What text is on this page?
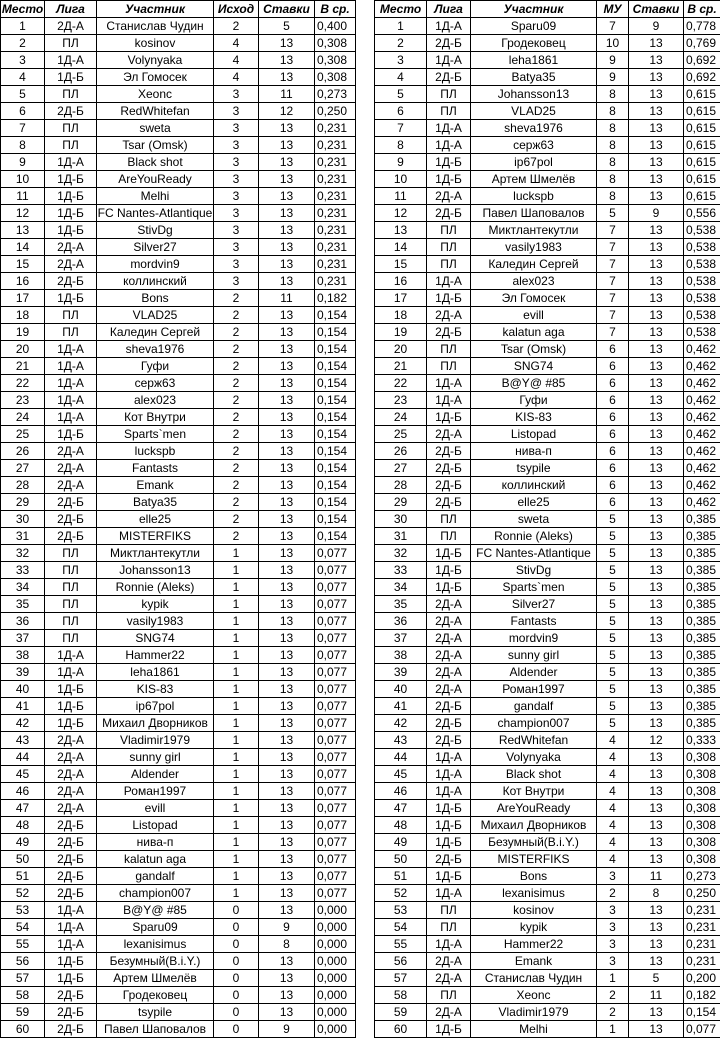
Место	Лига	Участник	Исход	Ставки	В ср.
1	2Д-А	Станислав Чудин	2	5	0,400
2	ПЛ	kosinov	4	13	0,308
3	1Д-А	Volynyaka	4	13	0,308
4	1Д-Б	Эл Гомосек	4	13	0,308
5	ПЛ	Xeonc	3	11	0,273
6	2Д-Б	RedWhitefan	3	12	0,250
7	ПЛ	sweta	3	13	0,231
8	ПЛ	Tsar (Omsk)	3	13	0,231
9	1Д-А	Black shot	3	13	0,231
10	1Д-Б	AreYouReady	3	13	0,231
11	1Д-Б	Melhi	3	13	0,231
12	1Д-Б	FC Nantes-Atlantique	3	13	0,231
13	1Д-Б	StivDg	3	13	0,231
14	2Д-А	Silver27	3	13	0,231
15	2Д-А	mordvin9	3	13	0,231
16	2Д-Б	коллинский	3	13	0,231
17	1Д-Б	Bons	2	11	0,182
18	ПЛ	VLAD25	2	13	0,154
19	ПЛ	Каледин Сергей	2	13	0,154
20	1Д-А	sheva1976	2	13	0,154
21	1Д-А	Гуфи	2	13	0,154
22	1Д-А	серж63	2	13	0,154
23	1Д-А	alex023	2	13	0,154
24	1Д-А	Кот Внутри	2	13	0,154
25	1Д-Б	Sparts`men	2	13	0,154
26	2Д-А	luckspb	2	13	0,154
27	2Д-А	Fantasts	2	13	0,154
28	2Д-А	Emank	2	13	0,154
29	2Д-Б	Batya35	2	13	0,154
30	2Д-Б	elle25	2	13	0,154
31	2Д-Б	MISTERFIKS	2	13	0,154
32	ПЛ	Миктлантекутли	1	13	0,077
33	ПЛ	Johansson13	1	13	0,077
34	ПЛ	Ronnie (Aleks)	1	13	0,077
35	ПЛ	kypik	1	13	0,077
36	ПЛ	vasily1983	1	13	0,077
37	ПЛ	SNG74	1	13	0,077
38	1Д-А	Hammer22	1	13	0,077
39	1Д-А	leha1861	1	13	0,077
40	1Д-Б	KIS-83	1	13	0,077
41	1Д-Б	ip67pol	1	13	0,077
42	1Д-Б	Михаил Дворников	1	13	0,077
43	2Д-А	Vladimir1979	1	13	0,077
44	2Д-А	sunny girl	1	13	0,077
45	2Д-А	Aldender	1	13	0,077
46	2Д-А	Роман1997	1	13	0,077
47	2Д-А	evill	1	13	0,077
48	2Д-Б	Listopad	1	13	0,077
49	2Д-Б	нива-п	1	13	0,077
50	2Д-Б	kalatun aga	1	13	0,077
51	2Д-Б	gandalf	1	13	0,077
52	2Д-Б	champion007	1	13	0,077
53	1Д-А	B@Y@ #85	0	13	0,000
54	1Д-А	Sparu09	0	9	0,000
55	1Д-А	lexanisimus	0	8	0,000
56	1Д-Б	Безумный(B.i.Y.)	0	13	0,000
57	1Д-Б	Артем Шмелёв	0	13	0,000
58	2Д-Б	Гродековец	0	13	0,000
59	2Д-Б	tsypile	0	13	0,000
60	2Д-Б	Павел Шаповалов	0	9	0,000
Место	Лига	Участник	МУ	Ставки	В ср.
1	1Д-А	Sparu09	7	9	0,778
2	2Д-Б	Гродековец	10	13	0,769
3	1Д-А	leha1861	9	13	0,692
4	2Д-Б	Batya35	9	13	0,692
5	ПЛ	Johansson13	8	13	0,615
6	ПЛ	VLAD25	8	13	0,615
7	1Д-А	sheva1976	8	13	0,615
8	1Д-А	серж63	8	13	0,615
9	1Д-Б	ip67pol	8	13	0,615
10	1Д-Б	Артем Шмелёв	8	13	0,615
11	2Д-А	luckspb	8	13	0,615
12	2Д-Б	Павел Шаповалов	5	9	0,556
13	ПЛ	Миктлантекутли	7	13	0,538
14	ПЛ	vasily1983	7	13	0,538
15	ПЛ	Каледин Сергей	7	13	0,538
16	1Д-А	alex023	7	13	0,538
17	1Д-Б	Эл Гомосек	7	13	0,538
18	2Д-А	evill	7	13	0,538
19	2Д-Б	kalatun aga	7	13	0,538
20	ПЛ	Tsar (Omsk)	6	13	0,462
21	ПЛ	SNG74	6	13	0,462
22	1Д-А	B@Y@ #85	6	13	0,462
23	1Д-А	Гуфи	6	13	0,462
24	1Д-Б	KIS-83	6	13	0,462
25	2Д-А	Listopad	6	13	0,462
26	2Д-Б	нива-п	6	13	0,462
27	2Д-Б	tsypile	6	13	0,462
28	2Д-Б	коллинский	6	13	0,462
29	2Д-Б	elle25	6	13	0,462
30	ПЛ	sweta	5	13	0,385
31	ПЛ	Ronnie (Aleks)	5	13	0,385
32	1Д-Б	FC Nantes-Atlantique	5	13	0,385
33	1Д-Б	StivDg	5	13	0,385
34	1Д-Б	Sparts`men	5	13	0,385
35	2Д-А	Silver27	5	13	0,385
36	2Д-А	Fantasts	5	13	0,385
37	2Д-А	mordvin9	5	13	0,385
38	2Д-А	sunny girl	5	13	0,385
39	2Д-А	Aldender	5	13	0,385
40	2Д-А	Роман1997	5	13	0,385
41	2Д-Б	gandalf	5	13	0,385
42	2Д-Б	champion007	5	13	0,385
43	2Д-Б	RedWhitefan	4	12	0,333
44	1Д-А	Volynyaka	4	13	0,308
45	1Д-А	Black shot	4	13	0,308
46	1Д-А	Кот Внутри	4	13	0,308
47	1Д-Б	AreYouReady	4	13	0,308
48	1Д-Б	Михаил Дворников	4	13	0,308
49	1Д-Б	Безумный(B.i.Y.)	4	13	0,308
50	2Д-Б	MISTERFIKS	4	13	0,308
51	1Д-Б	Bons	3	11	0,273
52	1Д-А	lexanisimus	2	8	0,250
53	ПЛ	kosinov	3	13	0,231
54	ПЛ	kypik	3	13	0,231
55	1Д-А	Hammer22	3	13	0,231
56	2Д-А	Emank	3	13	0,231
57	2Д-А	Станислав Чудин	1	5	0,200
58	ПЛ	Xeonc	2	11	0,182
59	2Д-А	Vladimir1979	2	13	0,154
60	1Д-Б	Melhi	1	13	0,077
